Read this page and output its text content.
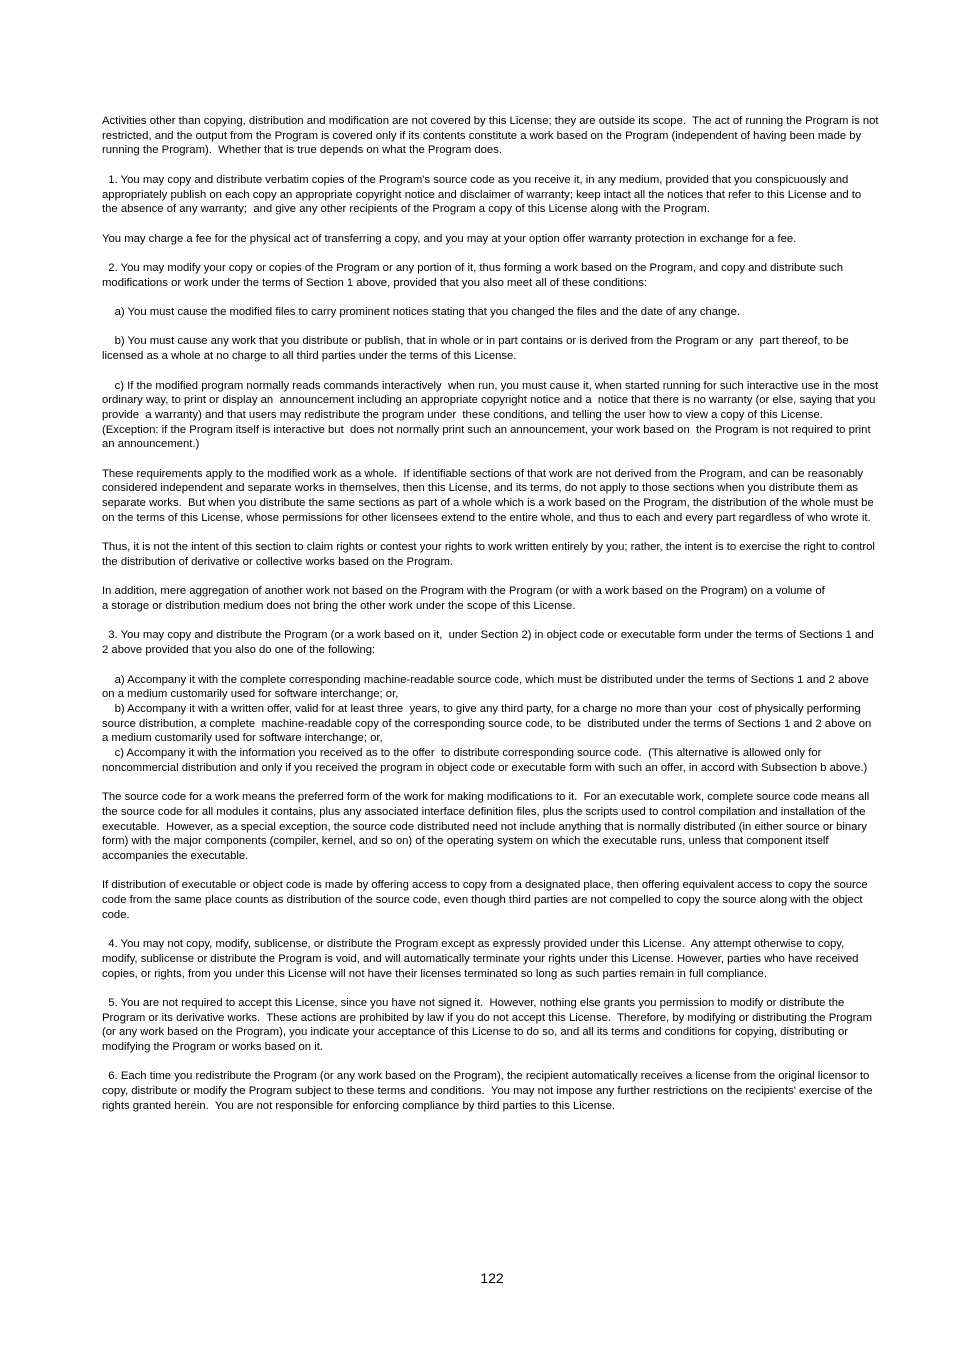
Activities other than copying, distribution and modification are not covered by this License; they are outside its scope.  The act of running the Program is not restricted, and the output from the Program is covered only if its contents constitute a work based on the Program (independent of having been made by running the Program).  Whether that is true depends on what the Program does.

1. You may copy and distribute verbatim copies of the Program's source code as you receive it, in any medium, provided that you conspicuously and appropriately publish on each copy an appropriate copyright notice and disclaimer of warranty; keep intact all the notices that refer to this License and to the absence of any warranty;  and give any other recipients of the Program a copy of this License along with the Program.

You may charge a fee for the physical act of transferring a copy, and you may at your option offer warranty protection in exchange for a fee.

2. You may modify your copy or copies of the Program or any portion of it, thus forming a work based on the Program, and copy and distribute such modifications or work under the terms of Section 1 above, provided that you also meet all of these conditions:

a) You must cause the modified files to carry prominent notices stating that you changed the files and the date of any change.

b) You must cause any work that you distribute or publish, that in whole or in part contains or is derived from the Program or any  part thereof, to be licensed as a whole at no charge to all third parties under the terms of this License.

c) If the modified program normally reads commands interactively  when run, you must cause it, when started running for such interactive use in the most ordinary way, to print or display an  announcement including an appropriate copyright notice and a  notice that there is no warranty (or else, saying that you provide  a warranty) and that users may redistribute the program under  these conditions, and telling the user how to view a copy of this License. (Exception: if the Program itself is interactive but  does not normally print such an announcement, your work based on  the Program is not required to print an announcement.)

These requirements apply to the modified work as a whole.  If identifiable sections of that work are not derived from the Program, and can be reasonably considered independent and separate works in themselves, then this License, and its terms, do not apply to those sections when you distribute them as separate works.  But when you distribute the same sections as part of a whole which is a work based on the Program, the distribution of the whole must be on the terms of this License, whose permissions for other licensees extend to the entire whole, and thus to each and every part regardless of who wrote it.

Thus, it is not the intent of this section to claim rights or contest your rights to work written entirely by you; rather, the intent is to exercise the right to control the distribution of derivative or collective works based on the Program.

In addition, mere aggregation of another work not based on the Program with the Program (or with a work based on the Program) on a volume of
a storage or distribution medium does not bring the other work under the scope of this License.

3. You may copy and distribute the Program (or a work based on it,  under Section 2) in object code or executable form under the terms of Sections 1 and 2 above provided that you also do one of the following:

a) Accompany it with the complete corresponding machine-readable source code, which must be distributed under the terms of Sections 1 and 2 above on a medium customarily used for software interchange; or,
b) Accompany it with a written offer, valid for at least three  years, to give any third party, for a charge no more than your  cost of physically performing source distribution, a complete  machine-readable copy of the corresponding source code, to be  distributed under the terms of Sections 1 and 2 above on a medium customarily used for software interchange; or,
c) Accompany it with the information you received as to the offer  to distribute corresponding source code.  (This alternative is allowed only for noncommercial distribution and only if you received the program in object code or executable form with such an offer, in accord with Subsection b above.)

The source code for a work means the preferred form of the work for making modifications to it.  For an executable work, complete source code means all the source code for all modules it contains, plus any associated interface definition files, plus the scripts used to control compilation and installation of the executable.  However, as a special exception, the source code distributed need not include anything that is normally distributed (in either source or binary
form) with the major components (compiler, kernel, and so on) of the operating system on which the executable runs, unless that component itself accompanies the executable.

If distribution of executable or object code is made by offering access to copy from a designated place, then offering equivalent access to copy the source code from the same place counts as distribution of the source code, even though third parties are not compelled to copy the source along with the object code.

4. You may not copy, modify, sublicense, or distribute the Program except as expressly provided under this License.  Any attempt otherwise to copy, modify, sublicense or distribute the Program is void, and will automatically terminate your rights under this License. However, parties who have received copies, or rights, from you under this License will not have their licenses terminated so long as such parties remain in full compliance.

5. You are not required to accept this License, since you have not signed it.  However, nothing else grants you permission to modify or distribute the Program or its derivative works.  These actions are prohibited by law if you do not accept this License.  Therefore, by modifying or distributing the Program (or any work based on the Program), you indicate your acceptance of this License to do so, and all its terms and conditions for copying, distributing or modifying the Program or works based on it.

6. Each time you redistribute the Program (or any work based on the Program), the recipient automatically receives a license from the original licensor to copy, distribute or modify the Program subject to these terms and conditions.  You may not impose any further restrictions on the recipients' exercise of the rights granted herein.  You are not responsible for enforcing compliance by third parties to this License.

122
